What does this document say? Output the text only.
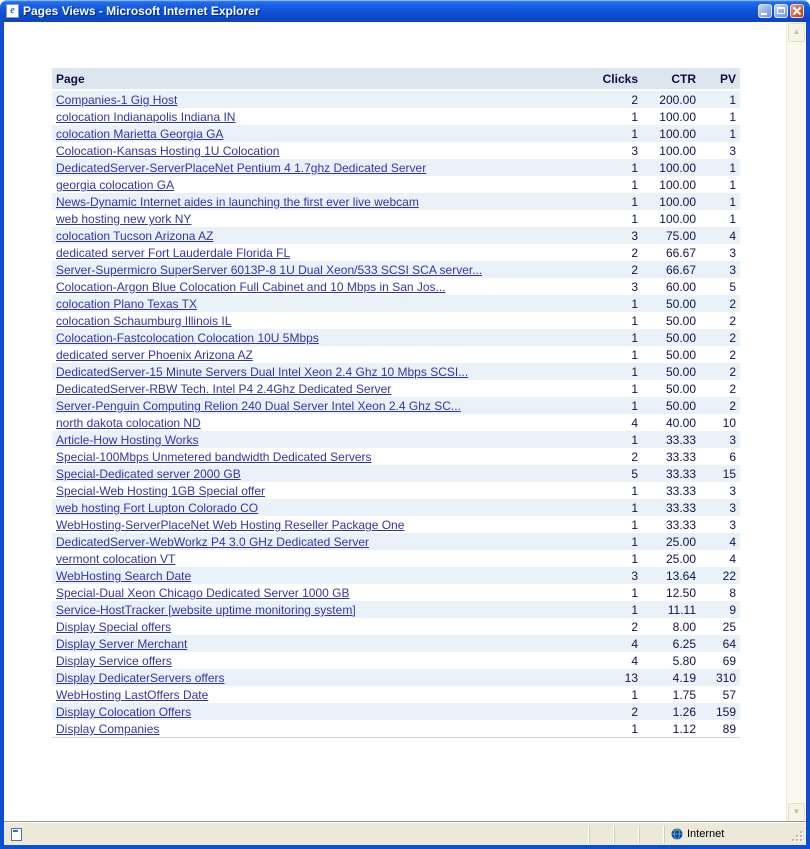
e Pages Views - Microsoft Internet Explorer
Page	Clicks	CTR	PV
Companies-1 Gig Host	2	200.00	1
colocation Indianapolis Indiana IN	1	100.00	1
colocation Marietta Georgia GA	1	100.00	1
Colocation-Kansas Hosting 1U Colocation	3	100.00	3
DedicatedServer-ServerPlaceNet Pentium 4 1.7ghz Dedicated Server	1	100.00	1
georgia colocation GA	1	100.00	1
News-Dynamic Internet aides in launching the first ever live webcam	1	100.00	1
web hosting new york NY	1	100.00	1
colocation Tucson Arizona AZ	3	75.00	4
dedicated server Fort Lauderdale Florida FL	2	66.67	3
Server-Supermicro SuperServer 6013P-8 1U Dual Xeon/533 SCSI SCA server...	2	66.67	3
Colocation-Argon Blue Colocation Full Cabinet and 10 Mbps in San Jos...	3	60.00	5
colocation Plano Texas TX	1	50.00	2
colocation Schaumburg Illinois IL	1	50.00	2
Colocation-Fastcolocation Colocation 10U 5Mbps	1	50.00	2
dedicated server Phoenix Arizona AZ	1	50.00	2
DedicatedServer-15 Minute Servers Dual Intel Xeon 2.4 Ghz 10 Mbps SCSI...	1	50.00	2
DedicatedServer-RBW Tech. Intel P4 2.4Ghz Dedicated Server	1	50.00	2
Server-Penguin Computing Relion 240 Dual Server Intel Xeon 2.4 Ghz SC...	1	50.00	2
north dakota colocation ND	4	40.00	10
Article-How Hosting Works	1	33.33	3
Special-100Mbps Unmetered bandwidth Dedicated Servers	2	33.33	6
Special-Dedicated server 2000 GB	5	33.33	15
Special-Web Hosting 1GB Special offer	1	33.33	3
web hosting Fort Lupton Colorado CO	1	33.33	3
WebHosting-ServerPlaceNet Web Hosting Reseller Package One	1	33.33	3
DedicatedServer-WebWorkz P4 3.0 GHz Dedicated Server	1	25.00	4
vermont colocation VT	1	25.00	4
WebHosting Search Date	3	13.64	22
Special-Dual Xeon Chicago Dedicated Server 1000 GB	1	12.50	8
Service-HostTracker [website uptime monitoring system]	1	11.11	9
Display Special offers	2	8.00	25
Display Server Merchant	4	6.25	64
Display Service offers	4	5.80	69
Display DedicaterServers offers	13	4.19	310
WebHosting LastOffers Date	1	1.75	57
Display Colocation Offers	2	1.26	159
Display Companies	1	1.12	89
▲
▼
Internet
